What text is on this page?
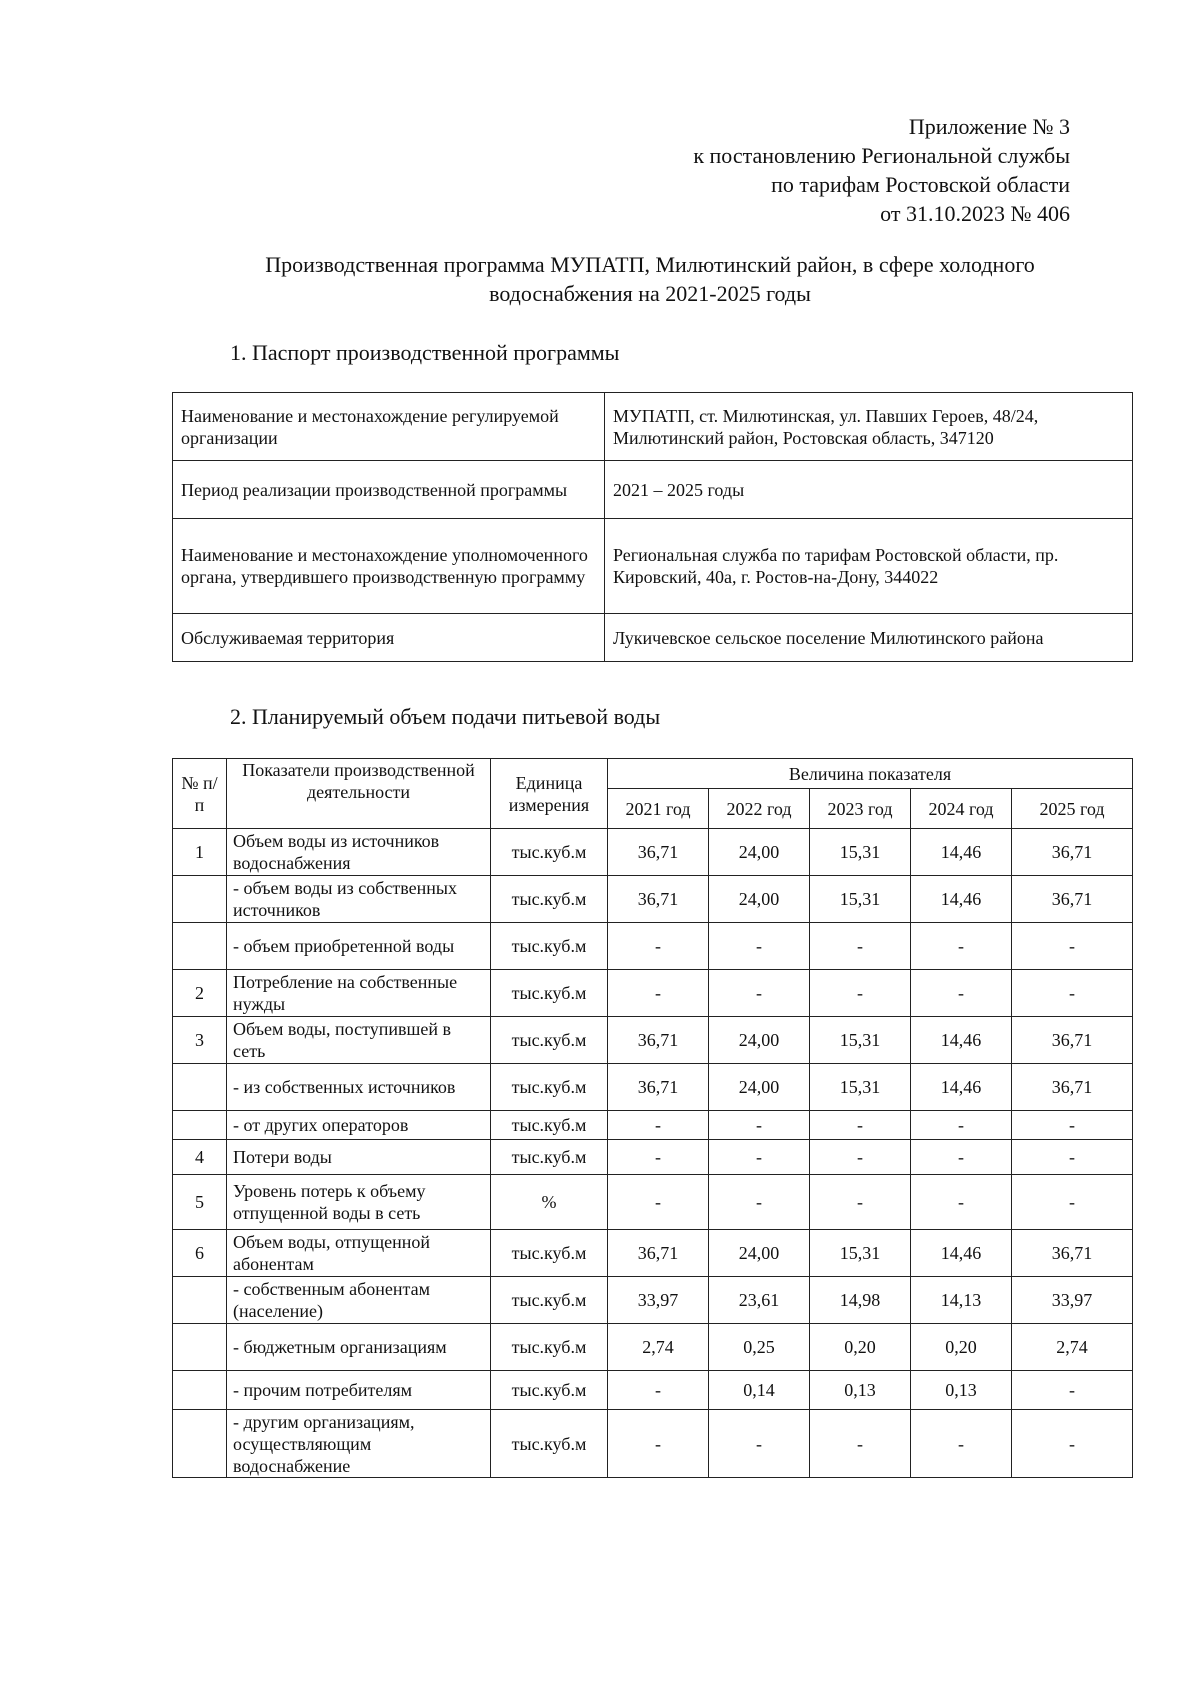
Приложение № 3
к постановлению Региональной службы
по тарифам Ростовской области
от 31.10.2023 № 406
Производственная программа МУПАТП, Милютинский район, в сфере холодного
водоснабжения на 2021-2025 годы
1. Паспорт производственной программы
Наименование и местонахождение регулируемой организации	МУПАТП, ст. Милютинская, ул. Павших Героев, 48/24, Милютинский район, Ростовская область, 347120
Период реализации производственной программы	2021 – 2025 годы
Наименование и местонахождение уполномоченного органа, утвердившего производственную программу	Региональная служба по тарифам Ростовской области, пр. Кировский, 40а, г. Ростов-на-Дону, 344022
Обслуживаемая территория	Лукичевское сельское поселение Милютинского района
2. Планируемый объем подачи питьевой воды
№ п/п	Показатели производственной деятельности	Единица измерения	Величина показателя				
			2021 год	2022 год	2023 год	2024 год	2025 год
1	Объем воды из источников водоснабжения	тыс.куб.м	36,71	24,00	15,31	14,46	36,71
	- объем воды из собственных источников	тыс.куб.м	36,71	24,00	15,31	14,46	36,71
	- объем приобретенной воды	тыс.куб.м	-	-	-	-	-
2	Потребление на собственные нужды	тыс.куб.м	-	-	-	-	-
3	Объем воды, поступившей в сеть	тыс.куб.м	36,71	24,00	15,31	14,46	36,71
	- из собственных источников	тыс.куб.м	36,71	24,00	15,31	14,46	36,71
	- от других операторов	тыс.куб.м	-	-	-	-	-
4	Потери воды	тыс.куб.м	-	-	-	-	-
5	Уровень потерь к объему отпущенной воды в сеть	%	-	-	-	-	-
6	Объем воды, отпущенной абонентам	тыс.куб.м	36,71	24,00	15,31	14,46	36,71
	- собственным абонентам (население)	тыс.куб.м	33,97	23,61	14,98	14,13	33,97
	- бюджетным организациям	тыс.куб.м	2,74	0,25	0,20	0,20	2,74
	- прочим потребителям	тыс.куб.м	-	0,14	0,13	0,13	-
	- другим организациям, осуществляющим водоснабжение	тыс.куб.м	-	-	-	-	-
